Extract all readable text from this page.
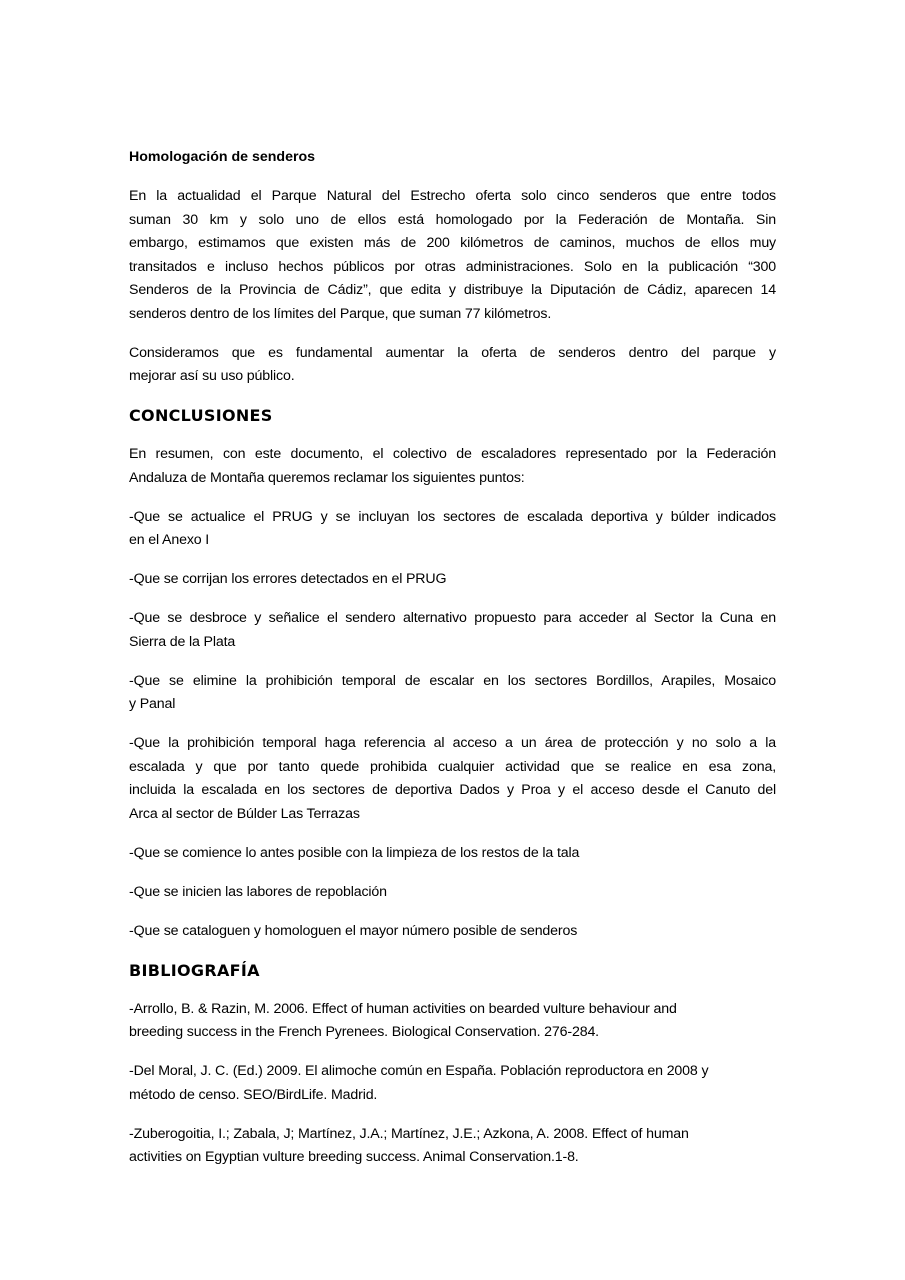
Homologación de senderos
En la actualidad el Parque Natural del Estrecho oferta solo cinco senderos que entre todos
suman 30 km y solo uno de ellos está homologado por la Federación de Montaña. Sin
embargo, estimamos que existen más de 200 kilómetros de caminos, muchos de ellos muy
transitados e incluso hechos públicos por otras administraciones. Solo en la publicación “300
Senderos de la Provincia de Cádiz”, que edita y distribuye la Diputación de Cádiz, aparecen 14
senderos dentro de los límites del Parque, que suman 77 kilómetros.
Consideramos que es fundamental aumentar la oferta de senderos dentro del parque y
mejorar así su uso público.
CONCLUSIONES
En resumen, con este documento, el colectivo de escaladores representado por la Federación
Andaluza de Montaña queremos reclamar los siguientes puntos:
-Que se actualice el PRUG y se incluyan los sectores de escalada deportiva y búlder indicados
en el Anexo I
-Que se corrijan los errores detectados en el PRUG
-Que se desbroce y señalice el sendero alternativo propuesto para acceder al Sector la Cuna en
Sierra de la Plata
-Que se elimine la prohibición temporal de escalar en los sectores Bordillos, Arapiles, Mosaico
y Panal
-Que la prohibición temporal haga referencia al acceso a un área de protección y no solo a la
escalada y que por tanto quede prohibida cualquier actividad que se realice en esa zona,
incluida la escalada en los sectores de deportiva Dados y Proa y el acceso desde el Canuto del
Arca al sector de Búlder Las Terrazas
-Que se comience lo antes posible con la limpieza de los restos de la tala
-Que se inicien las labores de repoblación
-Que se cataloguen y homologuen el mayor número posible de senderos
BIBLIOGRAFÍA
-Arrollo, B. & Razin, M. 2006. Effect of human activities on bearded vulture behaviour and
breeding success in the French Pyrenees. Biological Conservation. 276-284.
-Del Moral, J. C. (Ed.) 2009. El alimoche común en España. Población reproductora en 2008 y
método de censo. SEO/BirdLife. Madrid.
-Zuberogoitia, I.; Zabala, J; Martínez, J.A.; Martínez, J.E.; Azkona, A. 2008. Effect of human
activities on Egyptian vulture breeding success. Animal Conservation.1-8.
